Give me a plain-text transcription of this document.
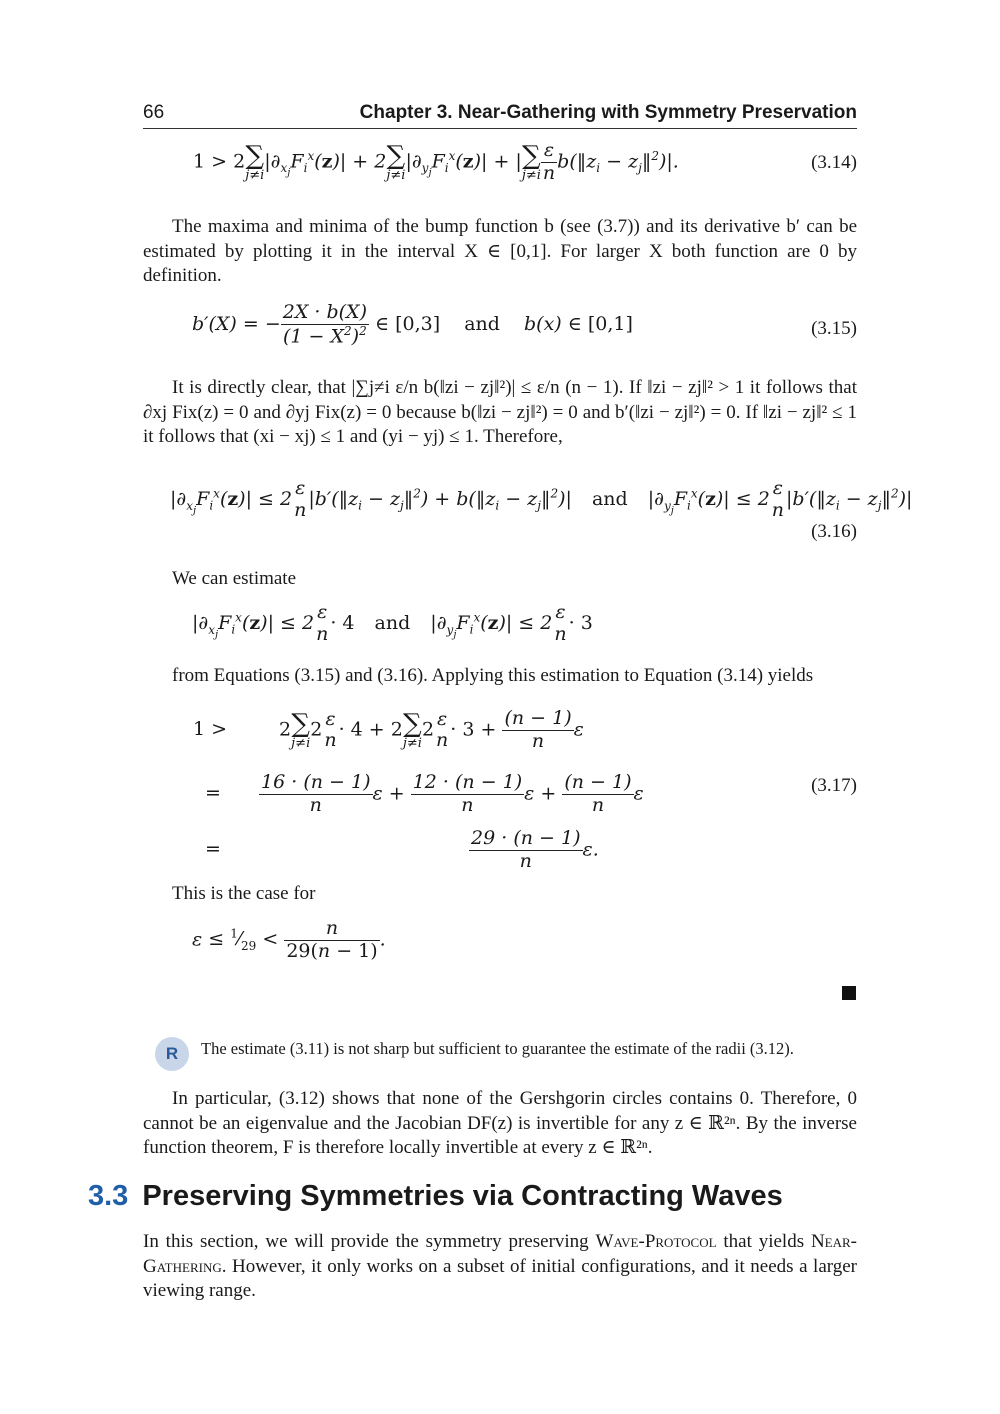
66	Chapter 3. Near-Gathering with Symmetry Preservation
1 > 2 ∑
j≠i
$|\partial_{x_j}F_i^x(z)| + 2$ ∑
j≠i
$|\partial_{y_j}F_i^x(z)|$ + | ∑
$j\ne i \frac{\varepsilon}{n}$ $b(‖z_i$ − $z_j‖^2)|$.	(3.14)
The maxima and minima of the bump function b (see (3.7)) and its derivative b′ can be estimated by plotting it in the interval X ∈ [0,1]. For larger X both function are 0 by definition.
b′(X) = − $\frac{2X \cdot b(X)}{(1 - X^2)^2}$ ∈ [0,3] and b(x) ∈ [0,1]	(3.15)
It is directly clear, that |∑j≠i ε/n b(‖zi − zj‖²)| ≤ ε/n (n − 1). If ‖zi − zj‖² > 1 it follows that ∂xj Fix(z) = 0 and ∂yj Fix(z) = 0 because b(‖zi − zj‖²) = 0 and b′(‖zi − zj‖²) = 0. If ‖zi − zj‖² ≤ 1 it follows that (xi − xj) ≤ 1 and (yi − yj) ≤ 1. Therefore,
$|\partial_{x_j}F_i^x(z)| \le 2$ ε
n $|b'(‖z_i$ − $z_j‖^2$) + $b(‖z_i$ − $z_j‖^2)|$ and $|\partial_{y_j}F_i^x(z)| \le 2$ ε
n $|b'(‖z_i$ − $z_j‖^2)|$
(3.16)
We can estimate
$|\partial_{x_j}F_i^x(z)| \le 2$ ε
n · 4 and $|\partial_{y_j}F_i^x(z)| \le 2$ ε
n · 3
from Equations (3.15) and (3.16). Applying this estimation to Equation (3.14) yields
1 >	2 ∑
j≠i
2 ε
n · 4 + 2 ∑
j≠i
2 ε
$n \cdot 3 + \frac{(n - 1)}{n}$ ε
= $\frac{16 \cdot (n - 1)}{n}$ $\varepsilon + \frac{12 \cdot (n - 1)}{n}$ $\varepsilon + \frac{(n - 1)}{n}$ ε
=	$\frac{29 \cdot (n - 1)}{n} \varepsilon$.
(3.17)
This is the case for
$\varepsilon \le ^1⁄_{29} < \frac{n}{29(n - 1)}$ .
R	The estimate (3.11) is not sharp but sufficient to guarantee the estimate of the radii (3.12).
In particular, (3.12) shows that none of the Gershgorin circles contains 0. Therefore, 0 cannot be an eigenvalue and the Jacobian DF(z) is invertible for any z ∈ ℝ²ⁿ. By the inverse function theorem, F is therefore locally invertible at every z ∈ ℝ²ⁿ.
3.3 Preserving Symmetries via Contracting Waves
In this section, we will provide the symmetry preserving Wave-Protocol that yields Near-Gathering. However, it only works on a subset of initial configurations, and it needs a larger viewing range.
